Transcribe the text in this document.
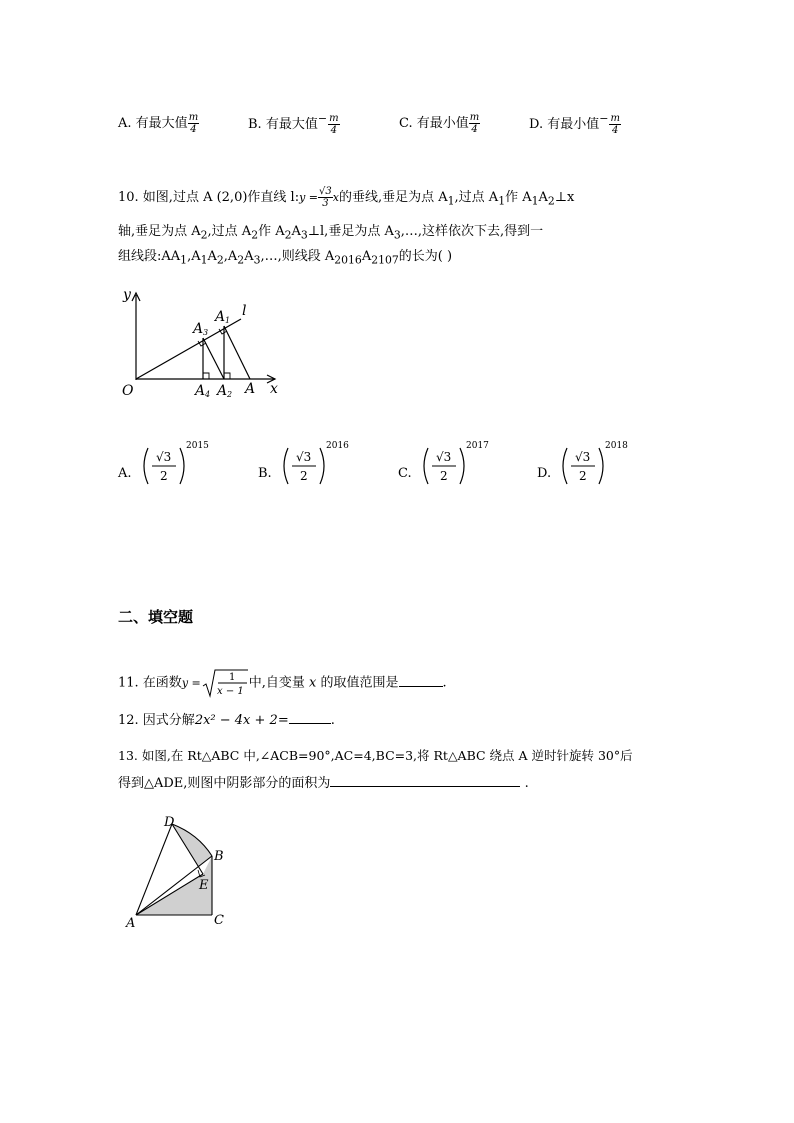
A. 有最大值 $\frac{m}{4}$	B. 有最大值$^- \frac{m}{4}$	C. 有最小值 $\frac{m}{4}$	D. 有最小值$^- \frac{m}{4}$
10. 如图,过点 A (2,0)作直线 l:y = $\frac{√3}{3}$ x的垂线,垂足为点 $A_1$,过点 $A_1$作 $A_1A_2\perp x$
轴,垂足为点 $A_2$,过点 $A_2$作 $A_2A_3\perp l$,垂足为点 $A_3,\dots$,这样依次下去,得到一
组线段$:AA_1,A_1A_2,A_2A_3,\dots$,则线段 $A_{2016}A_{2107}$的长为( )
y
x
O	A
A
A
A A
l
1
3
4 2
A.
√3
2
2015
B.
√3
2
2016
C.
√3
2
2017
D.
√3
2
2018
二、填空题
11. 在函数y =	1
x − 1
中,自变量 x 的取值范围是	.
12. 因式分解2x² − 4x + 2=	.
13. 如图,在 Rt△ABC 中,∠ACB=90°,AC=4,BC=3,将 Rt△ABC 绕点 A 逆时针旋转 30°后
得到△ADE,则图中阴影部分的面积为	.
A
B
C
D
E
